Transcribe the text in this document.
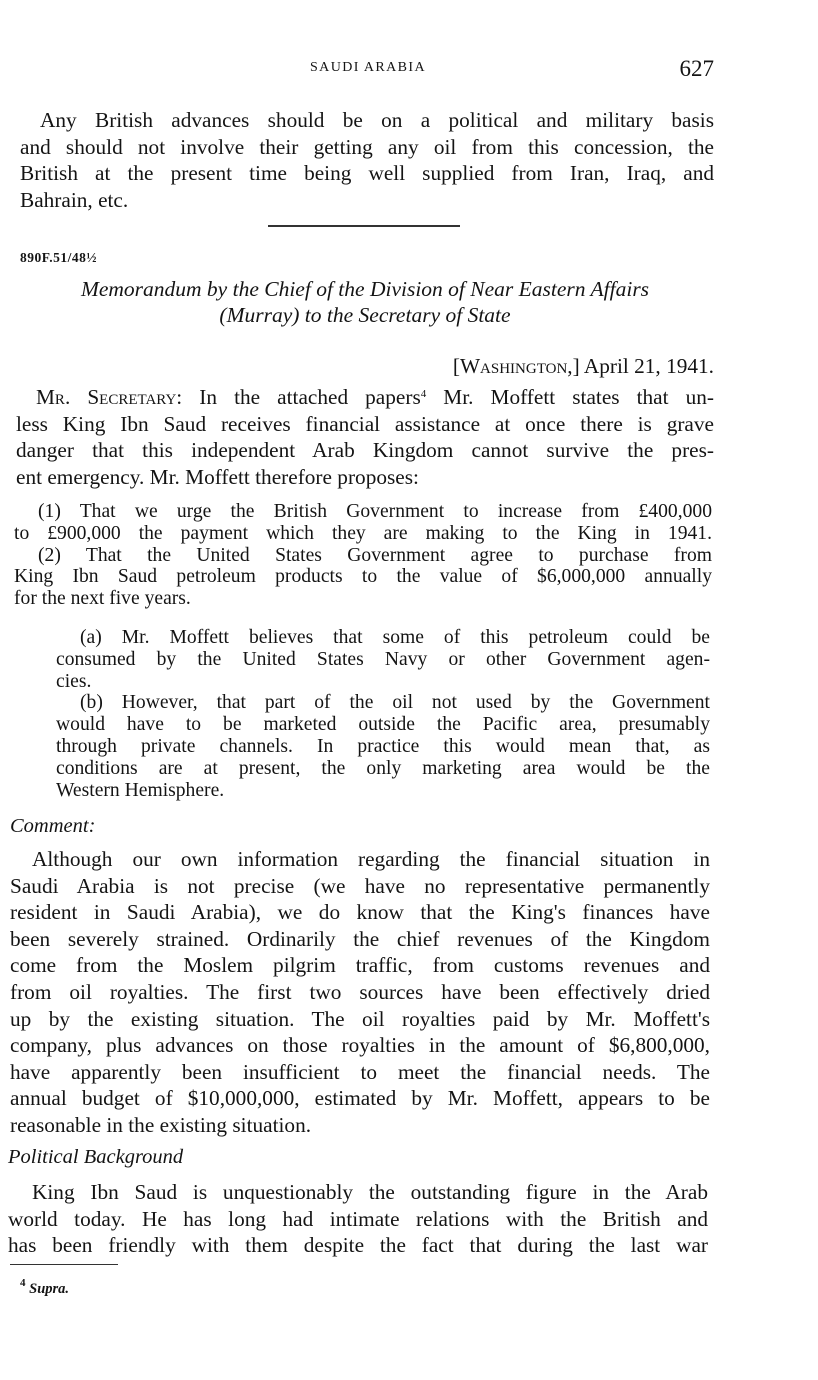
SAUDI ARABIA	627

Any British advances should be on a political and military basis

and should not involve their getting any oil from this concession, the

British at the present time being well supplied from Iran, Iraq, and

Bahrain, etc.

890F.51/48½

Memorandum by the Chief of the Division of Near Eastern Affairs

(Murray) to the Secretary of State

[Washington,] April 21, 1941.

Mr. Secretary: In the attached papers$^4$ Mr. Moffett states that un-

less King Ibn Saud receives financial assistance at once there is grave

danger that this independent Arab Kingdom cannot survive the pres-

ent emergency. Mr. Moffett therefore proposes:

(1) That we urge the British Government to increase from £400,000

to £900,000 the payment which they are making to the King in 1941.

(2) That the United States Government agree to purchase from

King Ibn Saud petroleum products to the value of $6,000,000 annually

for the next five years.

(a) Mr. Moffett believes that some of this petroleum could be

consumed by the United States Navy or other Government agen-

cies.

(b) However, that part of the oil not used by the Government

would have to be marketed outside the Pacific area, presumably

through private channels. In practice this would mean that, as

conditions are at present, the only marketing area would be the

Western Hemisphere.

Comment:

Although our own information regarding the financial situation in

Saudi Arabia is not precise (we have no representative permanently

resident in Saudi Arabia), we do know that the King's finances have

been severely strained. Ordinarily the chief revenues of the Kingdom

come from the Moslem pilgrim traffic, from customs revenues and

from oil royalties. The first two sources have been effectively dried

up by the existing situation. The oil royalties paid by Mr. Moffett's

company, plus advances on those royalties in the amount of $6,800,000,

have apparently been insufficient to meet the financial needs. The

annual budget of $10,000,000, estimated by Mr. Moffett, appears to be

reasonable in the existing situation.

Political Background

King Ibn Saud is unquestionably the outstanding figure in the Arab

world today. He has long had intimate relations with the British and

has been friendly with them despite the fact that during the last war

$^4$ Supra.
